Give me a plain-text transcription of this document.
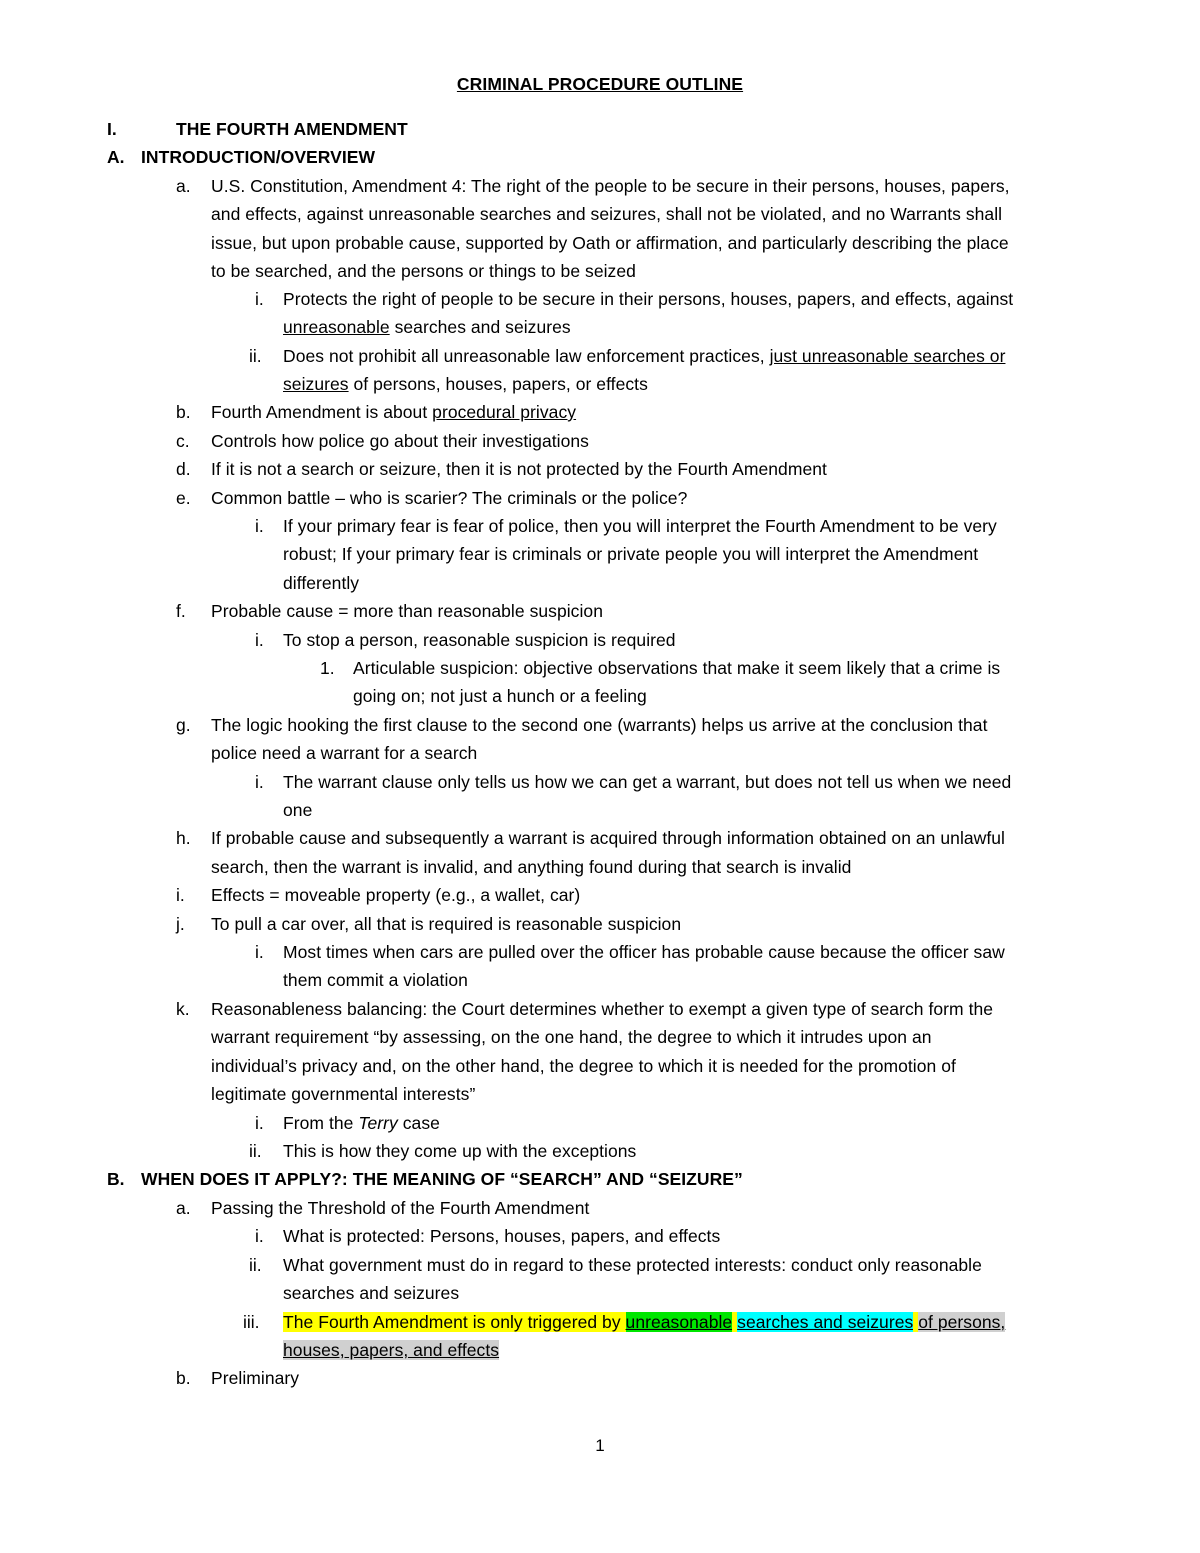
CRIMINAL PROCEDURE OUTLINE
I.	THE FOURTH AMENDMENT
A. INTRODUCTION/OVERVIEW
a. U.S. Constitution, Amendment 4: The right of the people to be secure in their persons, houses, papers,
and effects, against unreasonable searches and seizures, shall not be violated, and no Warrants shall
issue, but upon probable cause, supported by Oath or affirmation, and particularly describing the place
to be searched, and the persons or things to be seized
i. Protects the right of people to be secure in their persons, houses, papers, and effects, against
unreasonable searches and seizures
ii. Does not prohibit all unreasonable law enforcement practices, just unreasonable searches or
seizures of persons, houses, papers, or effects
b. Fourth Amendment is about procedural privacy
c. Controls how police go about their investigations
d. If it is not a search or seizure, then it is not protected by the Fourth Amendment
e. Common battle – who is scarier? The criminals or the police?
i. If your primary fear is fear of police, then you will interpret the Fourth Amendment to be very
robust; If your primary fear is criminals or private people you will interpret the Amendment
differently
f. Probable cause = more than reasonable suspicion
i. To stop a person, reasonable suspicion is required
1. Articulable suspicion: objective observations that make it seem likely that a crime is
going on; not just a hunch or a feeling
g. The logic hooking the first clause to the second one (warrants) helps us arrive at the conclusion that
police need a warrant for a search
i. The warrant clause only tells us how we can get a warrant, but does not tell us when we need
one
h. If probable cause and subsequently a warrant is acquired through information obtained on an unlawful
search, then the warrant is invalid, and anything found during that search is invalid
i. Effects = moveable property (e.g., a wallet, car)
j. To pull a car over, all that is required is reasonable suspicion
i. Most times when cars are pulled over the officer has probable cause because the officer saw
them commit a violation
k. Reasonableness balancing: the Court determines whether to exempt a given type of search form the
warrant requirement “by assessing, on the one hand, the degree to which it intrudes upon an
individual’s privacy and, on the other hand, the degree to which it is needed for the promotion of
legitimate governmental interests”
i. From the Terry case
ii. This is how they come up with the exceptions
B. WHEN DOES IT APPLY?: THE MEANING OF “SEARCH” AND “SEIZURE”
a. Passing the Threshold of the Fourth Amendment
i. What is protected: Persons, houses, papers, and effects
ii. What government must do in regard to these protected interests: conduct only reasonable
searches and seizures
iii. The Fourth Amendment is only triggered by unreasonable searches and seizures of persons,
houses, papers, and effects
b. Preliminary
1
